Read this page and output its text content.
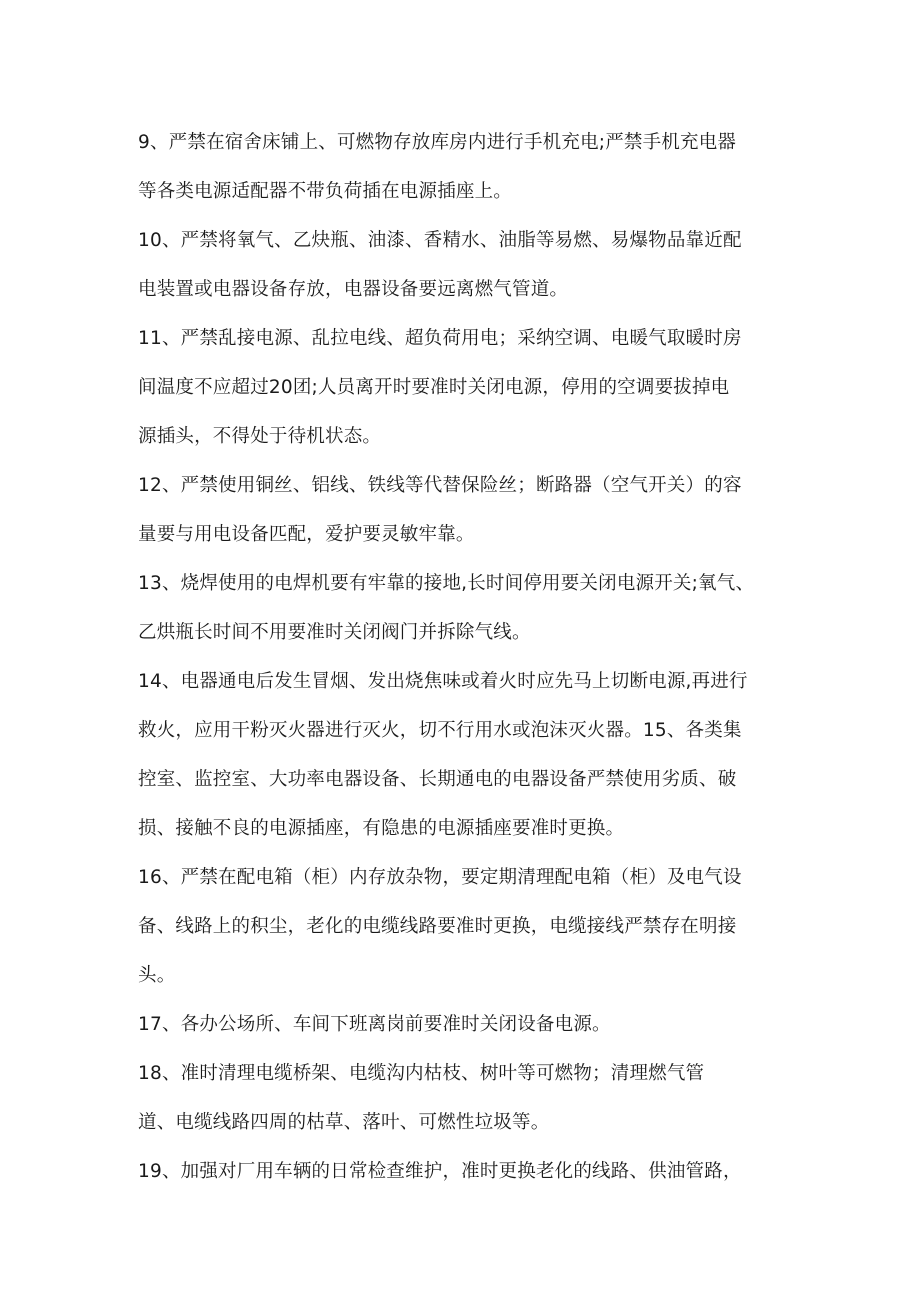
9、严禁在宿舍床铺上、可燃物存放库房内进行手机充电;严禁手机充电器
等各类电源适配器不带负荷插在电源插座上。
10、严禁将氧气、乙炔瓶、油漆、香精水、油脂等易燃、易爆物品靠近配
电装置或电器设备存放，电器设备要远离燃气管道。
11、严禁乱接电源、乱拉电线、超负荷用电；采纳空调、电暖气取暖时房
间温度不应超过20团;人员离开时要准时关闭电源，停用的空调要拔掉电
源插头，不得处于待机状态。
12、严禁使用铜丝、铝线、铁线等代替保险丝；断路器（空气开关）的容
量要与用电设备匹配，爱护要灵敏牢靠。
13、烧焊使用的电焊机要有牢靠的接地,长时间停用要关闭电源开关;氧气、
乙烘瓶长时间不用要准时关闭阀门并拆除气线。
14、电器通电后发生冒烟、发出烧焦味或着火时应先马上切断电源,再进行
救火，应用干粉灭火器进行灭火，切不行用水或泡沫灭火器。15、各类集
控室、监控室、大功率电器设备、长期通电的电器设备严禁使用劣质、破
损、接触不良的电源插座，有隐患的电源插座要准时更换。
16、严禁在配电箱（柜）内存放杂物，要定期清理配电箱（柜）及电气设
备、线路上的积尘，老化的电缆线路要准时更换，电缆接线严禁存在明接
头。
17、各办公场所、车间下班离岗前要准时关闭设备电源。
18、准时清理电缆桥架、电缆沟内枯枝、树叶等可燃物；清理燃气管
道、电缆线路四周的枯草、落叶、可燃性垃圾等。
19、加强对厂用车辆的日常检查维护，准时更换老化的线路、供油管路，
